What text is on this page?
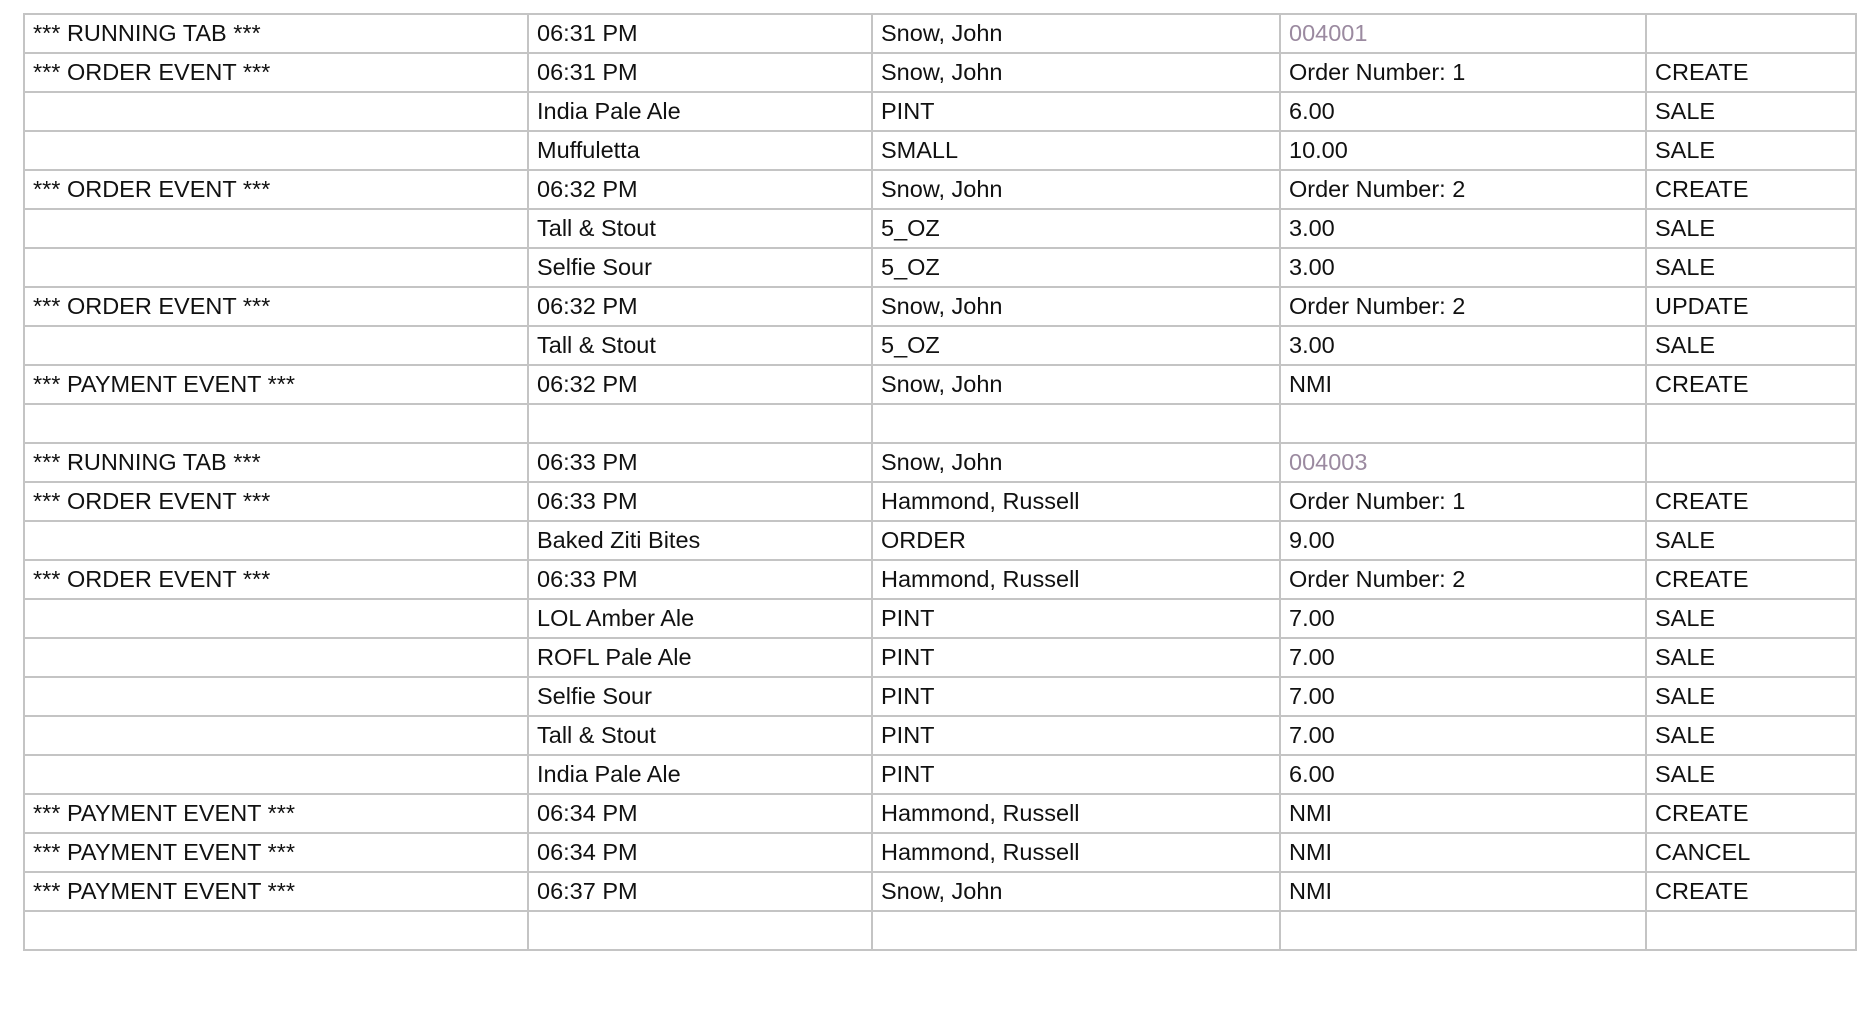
*** RUNNING TAB ***	06:31 PM	Snow, John	004001	
*** ORDER EVENT ***	06:31 PM	Snow, John	Order Number: 1	CREATE
	India Pale Ale	PINT	6.00	SALE
	Muffuletta	SMALL	10.00	SALE
*** ORDER EVENT ***	06:32 PM	Snow, John	Order Number: 2	CREATE
	Tall & Stout	5_OZ	3.00	SALE
	Selfie Sour	5_OZ	3.00	SALE
*** ORDER EVENT ***	06:32 PM	Snow, John	Order Number: 2	UPDATE
	Tall & Stout	5_OZ	3.00	SALE
*** PAYMENT EVENT ***	06:32 PM	Snow, John	NMI	CREATE

*** RUNNING TAB ***	06:33 PM	Snow, John	004003	
*** ORDER EVENT ***	06:33 PM	Hammond, Russell	Order Number: 1	CREATE
	Baked Ziti Bites	ORDER	9.00	SALE
*** ORDER EVENT ***	06:33 PM	Hammond, Russell	Order Number: 2	CREATE
	LOL Amber Ale	PINT	7.00	SALE
	ROFL Pale Ale	PINT	7.00	SALE
	Selfie Sour	PINT	7.00	SALE
	Tall & Stout	PINT	7.00	SALE
	India Pale Ale	PINT	6.00	SALE
*** PAYMENT EVENT ***	06:34 PM	Hammond, Russell	NMI	CREATE
*** PAYMENT EVENT ***	06:34 PM	Hammond, Russell	NMI	CANCEL
*** PAYMENT EVENT ***	06:37 PM	Snow, John	NMI	CREATE
